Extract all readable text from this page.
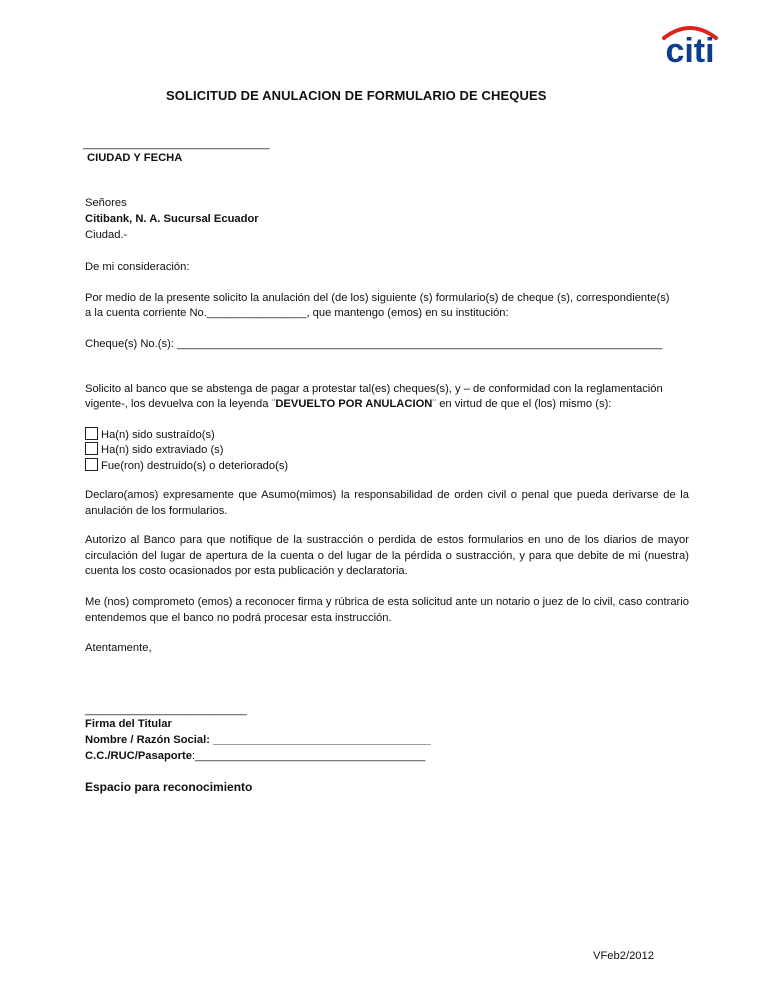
citi
SOLICITUD DE ANULACION DE FORMULARIO DE CHEQUES
______________________________
CIUDAD Y FECHA
Señores
Citibank, N. A. Sucursal Ecuador
Ciudad.-
De mi consideración:
Por medio de la presente solicito la anulación del (de los) siguiente (s) formulario(s) de cheque (s), correspondiente(s)
a la cuenta corriente No.________________, que mantengo (emos) en su institución:
Cheque(s) No.(s): ______________________________________________________________________________
Solicito al banco que se abstenga de pagar a protestar tal(es) cheques(s), y – de conformidad con la reglamentación
vigente-, los devuelva con la leyenda ¨DEVUELTO POR ANULACION¨ en virtud de que el (los) mismo (s):
Ha(n) sido sustraído(s)
Ha(n) sido extraviado (s)
Fue(ron) destruido(s) o deteriorado(s)
Declaro(amos) expresamente que Asumo(mimos) la responsabilidad de orden civil o penal que pueda derivarse de la anulación de los formularios.
Autorizo al Banco para que notifique de la sustracción o perdida de estos formularios en uno de los diarios de mayor circulación del lugar de apertura de la cuenta o del lugar de la pérdida o sustracción, y para que debite de mi (nuestra) cuenta los costo ocasionados por esta publicación y declaratoria.
Me (nos) comprometo (emos) a reconocer firma y rúbrica de esta solicitud ante un notario o juez de lo civil, caso contrario entendemos que el banco no podrá procesar esta instrucción.
Atentamente,
__________________________
Firma del Titular
Nombre / Razón Social: ___________________________________
C.C./RUC/Pasaporte:_____________________________________
Espacio para reconocimiento
VFeb2/2012
